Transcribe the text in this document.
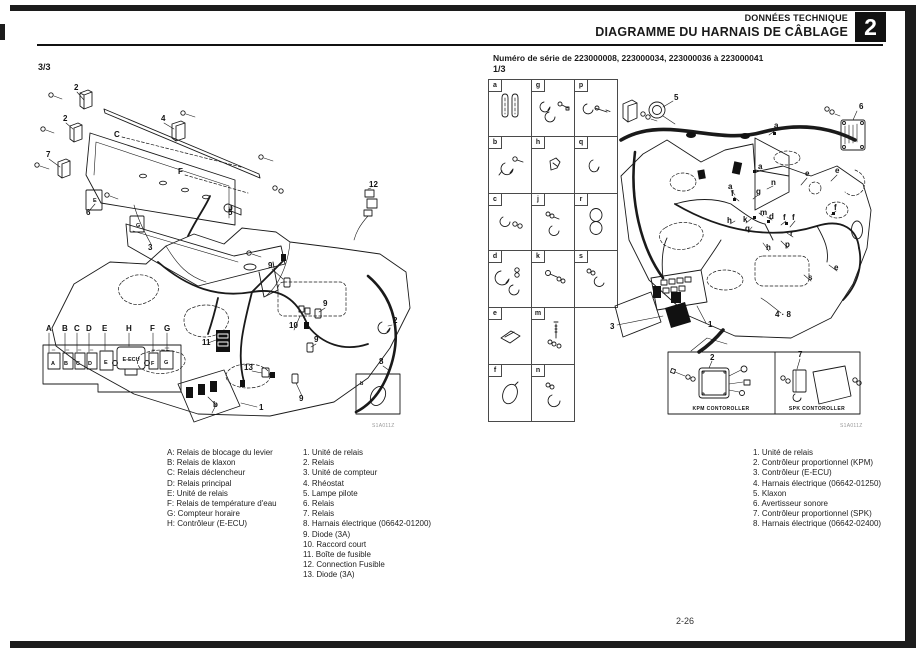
DONNÉES TECHNIQUE
DIAGRAMME DU HARNAIS DE CÂBLAGE 2
3/3
Numéro de série de 223000008, 223000034, 223000036 à 223000041
1/3
E-ECU
2
2
7
C
4
F
6	5
3
12
9
9
10
9
11
13
9
8
1
2
b
b
A B C D E H F G
A B C D E	F G
E
G
KPM CONTOROLLER	SPK CONTOROLLER
5
6
a
a
n
e	e
g
a
f
k
m d
q
h
h p
f f
f
r
e
s
1
4 · 8
3
2	7
a	g	p
b	h	q
c	j	r
d	k	s
e	m
f	n
S1A011Z	S1A011Z
A: Relais de blocage du levier
B: Relais de klaxon
C: Relais déclencheur
D: Relais principal
E: Unité de relais
F: Relais de température d'eau
G: Compteur horaire
H: Contrôleur (E-ECU)
1. Unité de relais
2. Relais
3. Unité de compteur
4. Rhéostat
5. Lampe pilote
6. Relais
7. Relais
8. Harnais électrique (06642-01200)
9. Diode (3A)
10. Raccord court
11. Boîte de fusible
12. Connection Fusible
13. Diode (3A)
1. Unité de relais
2. Contrôleur proportionnel (KPM)
3. Contrôleur (E-ECU)
4. Harnais électrique (06642-01250)
5. Klaxon
6. Avertisseur sonore
7. Contrôleur proportionnel (SPK)
8. Harnais électrique (06642-02400)
2-26
